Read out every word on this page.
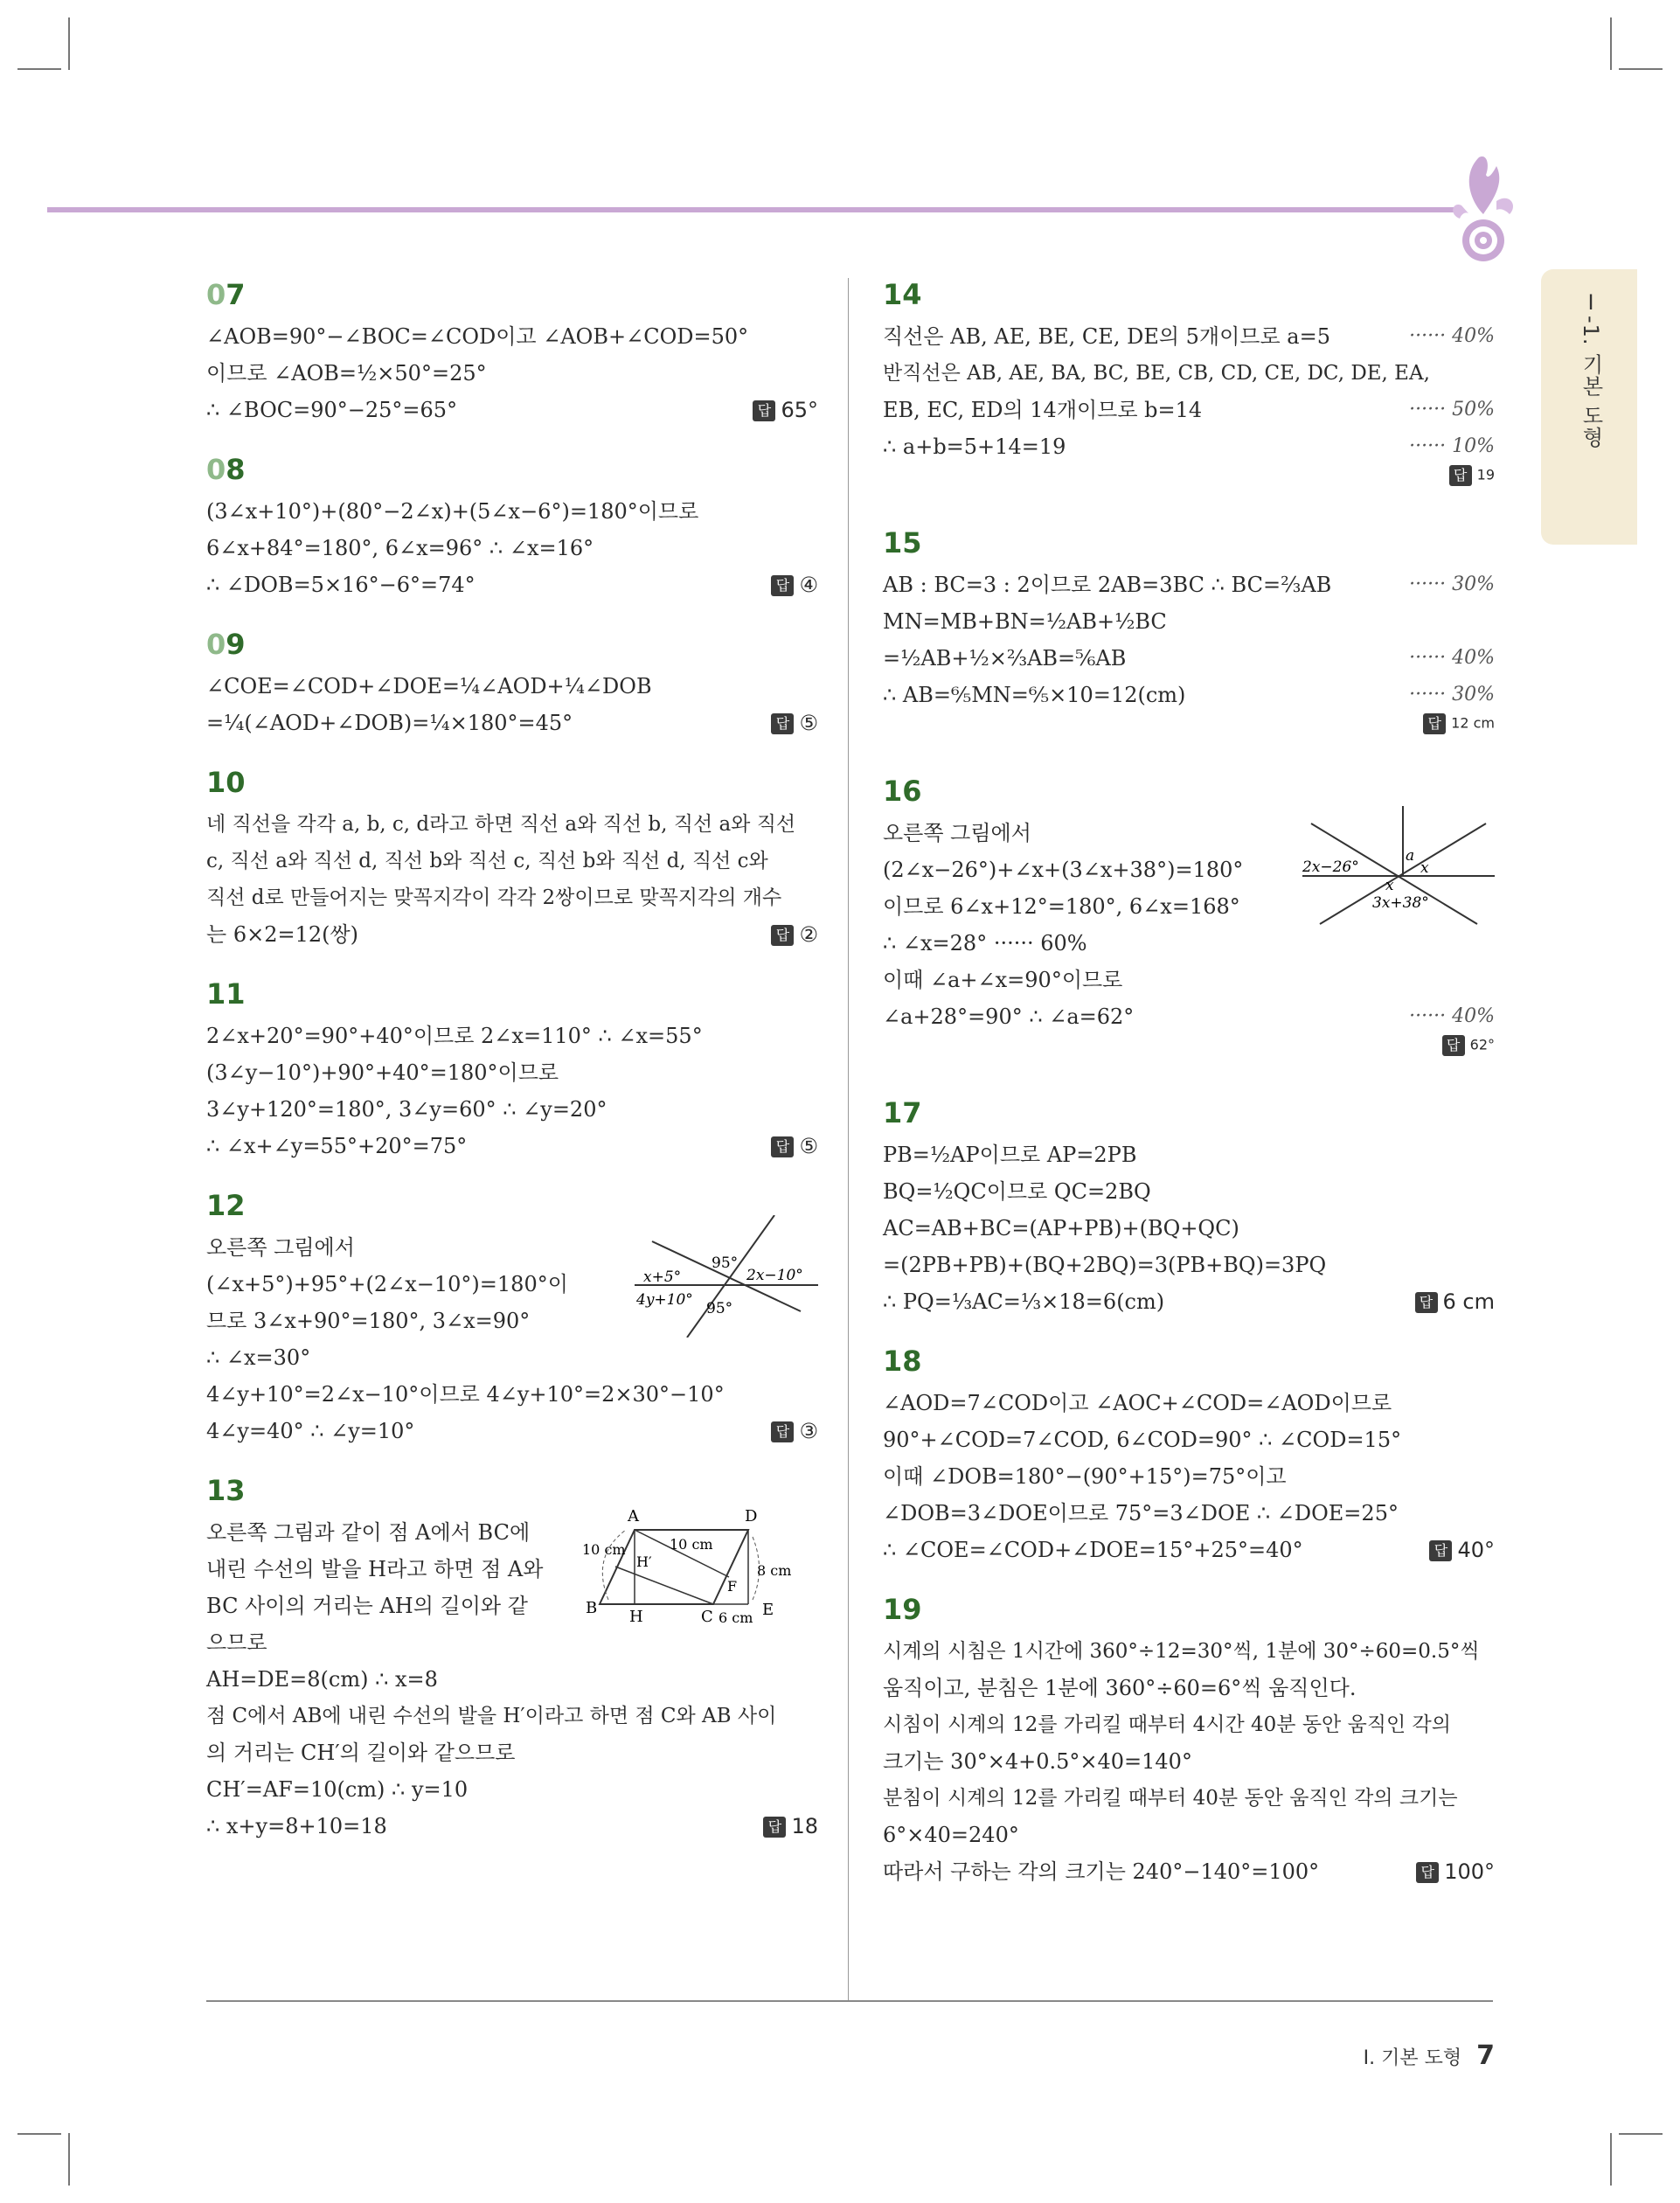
Ⅰ-1. 기본 도형
07
∠AOB=90°−∠BOC=∠COD이고 ∠AOB+∠COD=50°
이므로 ∠AOB=½×50°=25°
∴ ∠BOC=90°−25°=65°	답 65°
08
(3∠x+10°)+(80°−2∠x)+(5∠x−6°)=180°이므로
6∠x+84°=180°, 6∠x=96° ∴ ∠x=16°
∴ ∠DOB=5×16°−6°=74°	답 ④
09
∠COE=∠COD+∠DOE=¼∠AOD+¼∠DOB
=¼(∠AOD+∠DOB)=¼×180°=45°	답 ⑤
10
네 직선을 각각 a, b, c, d라고 하면 직선 a와 직선 b, 직선 a와 직선
c, 직선 a와 직선 d, 직선 b와 직선 c, 직선 b와 직선 d, 직선 c와
직선 d로 만들어지는 맞꼭지각이 각각 2쌍이므로 맞꼭지각의 개수
는 6×2=12(쌍)	답 ②
11
2∠x+20°=90°+40°이므로 2∠x=110° ∴ ∠x=55°
(3∠y−10°)+90°+40°=180°이므로
3∠y+120°=180°, 3∠y=60° ∴ ∠y=20°
∴ ∠x+∠y=55°+20°=75°	답 ⑤
12
오른쪽 그림에서
(∠x+5°)+95°+(2∠x−10°)=180°이
므로 3∠x+90°=180°, 3∠x=90°
∴ ∠x=30°
4∠y+10°=2∠x−10°이므로 4∠y+10°=2×30°−10°
4∠y=40° ∴ ∠y=10°	답 ③
95°
x+5°	2x−10°
4y+10° 95°
13
오른쪽 그림과 같이 점 A에서 BC에
내린 수선의 발을 H라고 하면 점 A와
BC 사이의 거리는 AH의 길이와 같
으므로
AH=DE=8(cm) ∴ x=8
점 C에서 AB에 내린 수선의 발을 H′이라고 하면 점 C와 AB 사이
의 거리는 CH′의 길이와 같으므로
CH′=AF=10(cm) ∴ y=10
∴ x+y=8+10=18	답 18
A	D
10 cm	10 cm
H′
8 cm
F
B H	C 6 cm E
14
직선은 AB, AE, BE, CE, DE의 5개이므로 a=5	······ 40%
반직선은 AB, AE, BA, BC, BE, CB, CD, CE, DC, DE, EA,
EB, EC, ED의 14개이므로 b=14	······ 50%
∴ a+b=5+14=19	······ 10%
답 19
15
AB : BC=3 : 2이므로 2AB=3BC ∴ BC=⅔AB	······ 30%
MN=MB+BN=½AB+½BC
=½AB+½×⅔AB=⅚AB	······ 40%
∴ AB=⁶⁄₅MN=⁶⁄₅×10=12(cm)	······ 30%
답 12 cm
16
오른쪽 그림에서
(2∠x−26°)+∠x+(3∠x+38°)=180°
이므로 6∠x+12°=180°, 6∠x=168°
∴ ∠x=28° ······ 60%
이때 ∠a+∠x=90°이므로
∠a+28°=90° ∴ ∠a=62°	······ 40%
답 62°
2x−26°
a
x
x
3x+38°
17
PB=½AP이므로 AP=2PB
BQ=½QC이므로 QC=2BQ
AC=AB+BC=(AP+PB)+(BQ+QC)
=(2PB+PB)+(BQ+2BQ)=3(PB+BQ)=3PQ
∴ PQ=⅓AC=⅓×18=6(cm)	답 6 cm
18
∠AOD=7∠COD이고 ∠AOC+∠COD=∠AOD이므로
90°+∠COD=7∠COD, 6∠COD=90° ∴ ∠COD=15°
이때 ∠DOB=180°−(90°+15°)=75°이고
∠DOB=3∠DOE이므로 75°=3∠DOE ∴ ∠DOE=25°
∴ ∠COE=∠COD+∠DOE=15°+25°=40°	답 40°
19
시계의 시침은 1시간에 360°÷12=30°씩, 1분에 30°÷60=0.5°씩
움직이고, 분침은 1분에 360°÷60=6°씩 움직인다.
시침이 시계의 12를 가리킬 때부터 4시간 40분 동안 움직인 각의
크기는 30°×4+0.5°×40=140°
분침이 시계의 12를 가리킬 때부터 40분 동안 움직인 각의 크기는
6°×40=240°
따라서 구하는 각의 크기는 240°−140°=100°	답 100°
Ⅰ. 기본 도형 7
